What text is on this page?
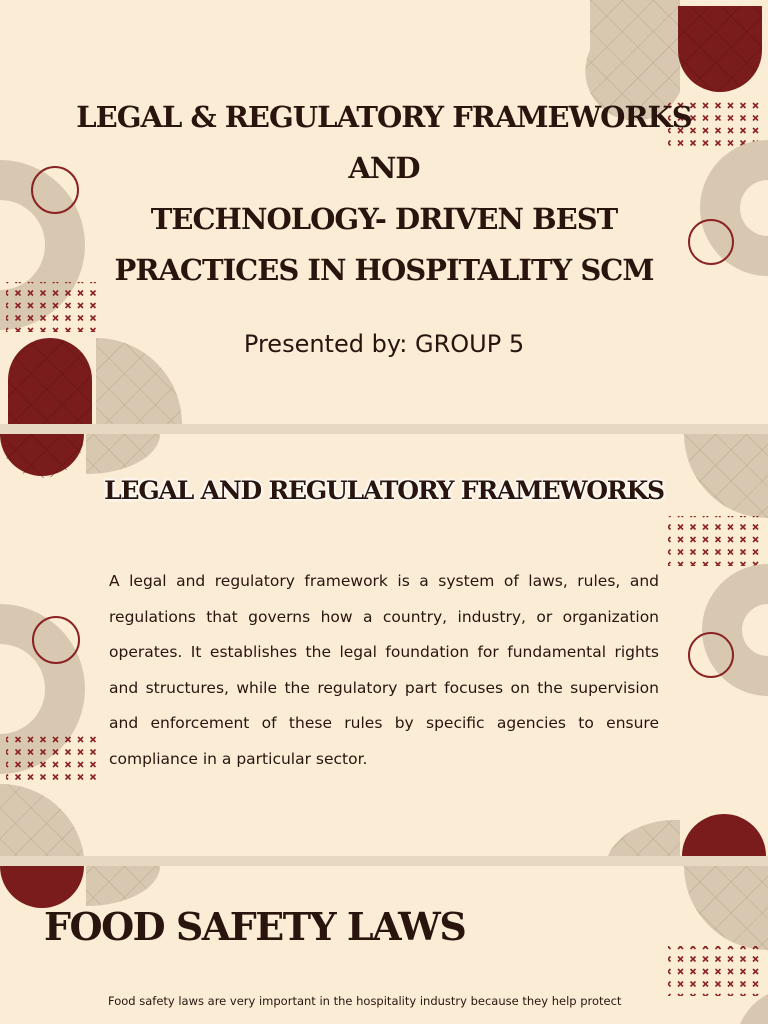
LEGAL & REGULATORY FRAMEWORKS
AND
TECHNOLOGY- DRIVEN BEST
PRACTICES IN HOSPITALITY SCM

Presented by: GROUP 5

LEGAL AND REGULATORY FRAMEWORKS

A legal and regulatory framework is a system of laws, rules, and regulations that governs how a country, industry, or organization operates. It establishes the legal foundation for fundamental rights and structures, while the regulatory part focuses on the supervision and enforcement of these rules by specific agencies to ensure compliance in a particular sector.

FOOD SAFETY LAWS

Food safety laws are very important in the hospitality industry because they help protect
